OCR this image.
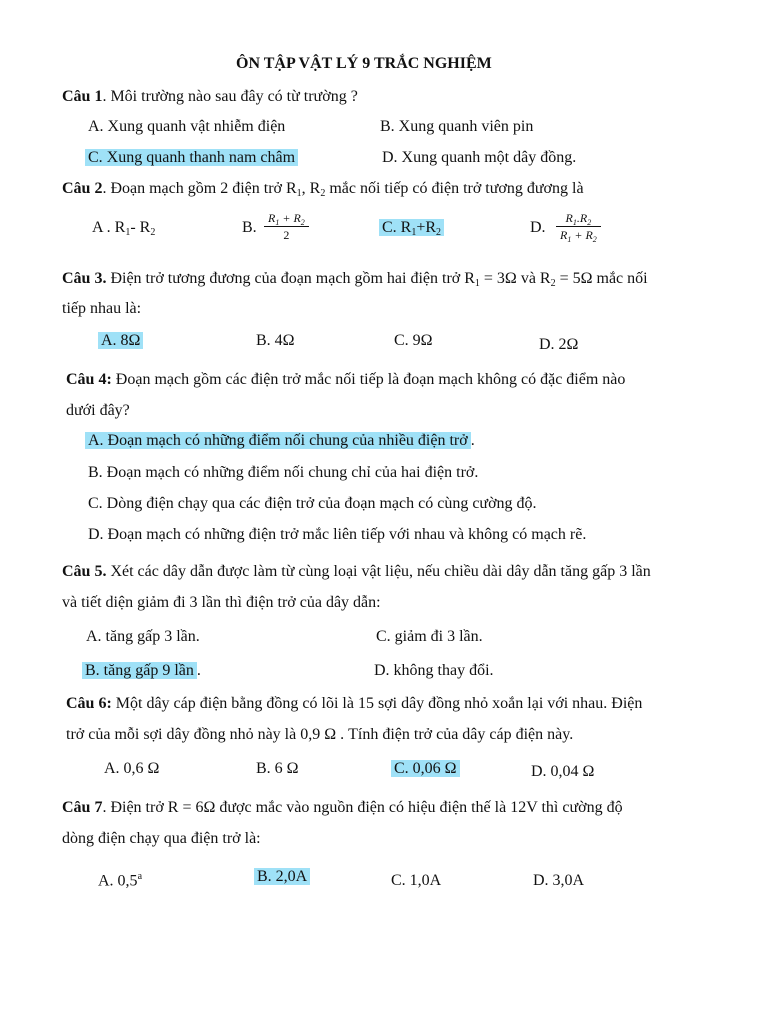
ÔN TẬP VẬT LÝ 9 TRẮC NGHIỆM
Câu 1. Môi trường nào sau đây có từ trường ?
A. Xung quanh vật nhiễm điện	B. Xung quanh viên pin
C. Xung quanh thanh nam châm	D. Xung quanh một dây đồng.
Câu 2. Đoạn mạch gồm 2 điện trở $R_1$, $R_2$ mắc nối tiếp có điện trở tương đương là
A . $R_1-$ $R_2$	B. $\frac{R_1 + R_2}{2}$	C. $R_1+R_2$	D. $\frac{R_1.R_2}{R_1 + R_2}$
Câu 3. Điện trở tương đương của đoạn mạch gồm hai điện trở $R_1 = 3\Omega$ và $R_2 = 5\Omega$ mắc nối
tiếp nhau là:
A. 8Ω	B. 4Ω	C. 9Ω	D. 2Ω
Câu 4: Đoạn mạch gồm các điện trở mắc nối tiếp là đoạn mạch không có đặc điểm nào
dưới đây?
A. Đoạn mạch có những điểm nối chung của nhiều điện trở .
B. Đoạn mạch có những điểm nối chung chỉ của hai điện trở.
C. Dòng điện chạy qua các điện trở của đoạn mạch có cùng cường độ.
D. Đoạn mạch có những điện trở mắc liên tiếp với nhau và không có mạch rẽ.
Câu 5. Xét các dây dẫn được làm từ cùng loại vật liệu, nếu chiều dài dây dẫn tăng gấp 3 lần
và tiết diện giảm đi 3 lần thì điện trở của dây dẫn:
A. tăng gấp 3 lần.	C. giảm đi 3 lần.
B. tăng gấp 9 lần .	D. không thay đổi.
Câu 6: Một dây cáp điện bằng đồng có lõi là 15 sợi dây đồng nhỏ xoắn lại với nhau. Điện
trở của mỗi sợi dây đồng nhỏ này là 0,9 Ω . Tính điện trở của dây cáp điện này.
A. 0,6 Ω	B. 6 Ω	C. 0,06 Ω	D. 0,04 Ω
Câu 7. Điện trở R = 6Ω được mắc vào nguồn điện có hiệu điện thế là 12V thì cường độ
dòng điện chạy qua điện trở là:
A. 0,5$^a$	B. 2,0A	C. 1,0A	D. 3,0A
